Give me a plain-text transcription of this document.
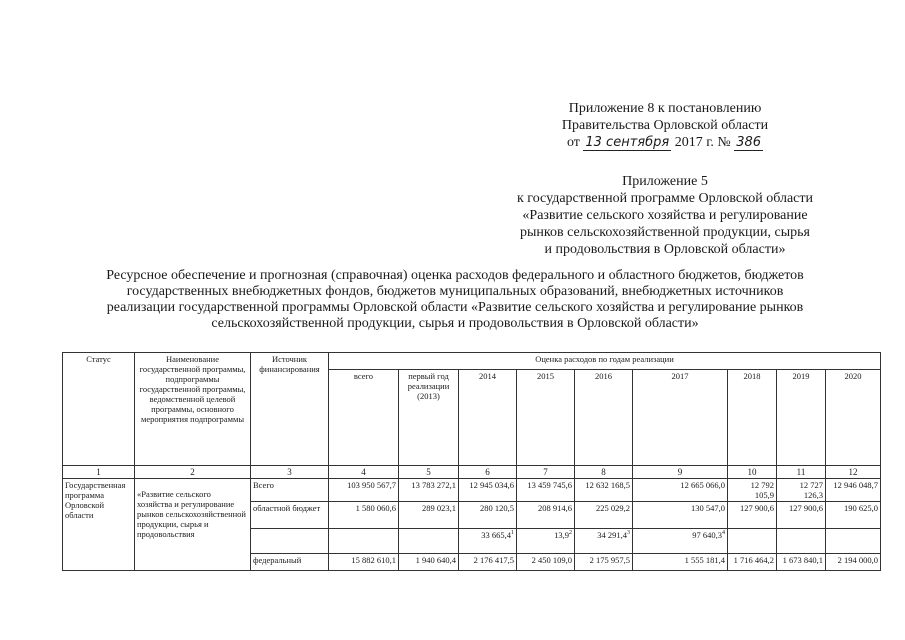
Приложение 8 к постановлению
Правительства Орловской области
от 13 сентября 2017 г. № 386
Приложение 5
к государственной программе Орловской области
«Развитие сельского хозяйства и регулирование
рынков сельскохозяйственной продукции, сырья
и продовольствия в Орловской области»
Ресурсное обеспечение и прогнозная (справочная) оценка расходов федерального и областного бюджетов, бюджетов
государственных внебюджетных фондов, бюджетов муниципальных образований, внебюджетных источников
реализации государственной программы Орловской области «Развитие сельского хозяйства и регулирование рынков
сельскохозяйственной продукции, сырья и продовольствия в Орловской области»
Статус	Наименование государственной программы, подпрограммы государственной программы, ведомственной целевой программы, основного мероприятия подпрограммы	Источник финансирования	Оценка расходов по годам реализации								
			всего	первый год реализации (2013)	2014	2015	2016	2017	2018	2019	2020
1	2	3	4	5	6	7	8	9	10	11	12
Государственная программа Орловской области	«Развитие сельского хозяйства и регулирование рынков сельскохозяйственной продукции, сырья и продовольствия	Всего	103 950 567,7	13 783 272,1	12 945 034,6	13 459 745,6	12 632 168,5	12 665 066,0	12 792 105,9	12 727 126,3	12 946 048,7
		областной бюджет	1 580 060,6	289 023,1	280 120,5	208 914,6	225 029,2	130 547,0	127 900,6	127 900,6	190 625,0
					33 665,4$^1$	13,9$^2$	34 291,4$^3$	97 640,3$^4$			
		федеральный	15 882 610,1	1 940 640,4	2 176 417,5	2 450 109,0	2 175 957,5	1 555 181,4	1 716 464,2	1 673 840,1	2 194 000,0
